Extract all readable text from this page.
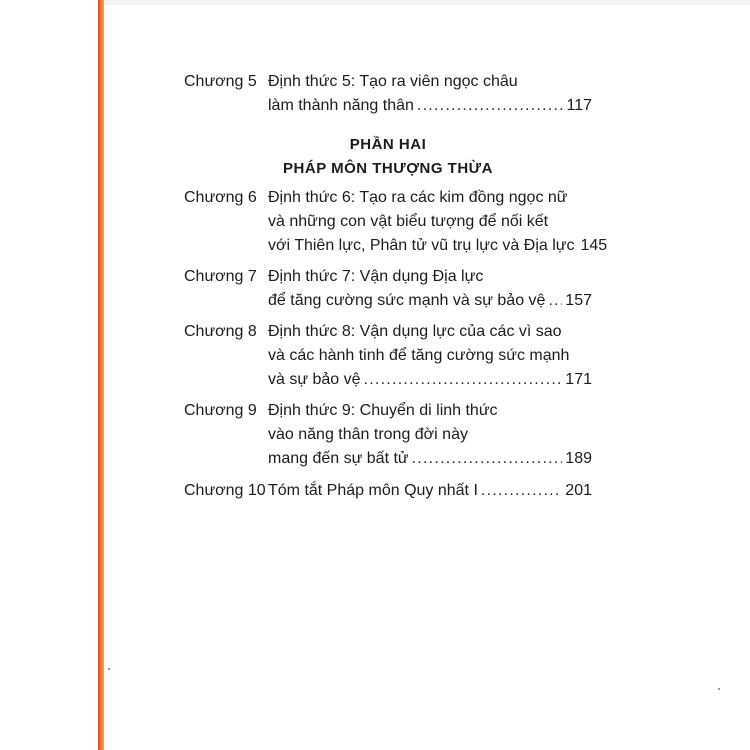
Chương 5 Định thức 5: Tạo ra viên ngọc châu
làm thành năng thân . . .	117
PHẦN HAI
PHÁP MÔN THƯỢNG THỪA
Chương 6 Định thức 6: Tạo ra các kim đồng ngọc nữ
và những con vật biểu tượng để nối kết
với Thiên lực, Phân tử vũ trụ lực và Địa lực 145
Chương 7 Định thức 7: Vận dụng Địa lực
để tăng cường sức mạnh và sự bảo vệ . . . 157
Chương 8 Định thức 8: Vận dụng lực của các vì sao
và các hành tinh để tăng cường sức mạnh
và sự bảo vệ . . .	171
Chương 9 Định thức 9: Chuyển di linh thức
vào năng thân trong đời này
mang đến sự bất tử . . .	189
Chương 10 Tóm tắt Pháp môn Quy nhất I . . .	201
